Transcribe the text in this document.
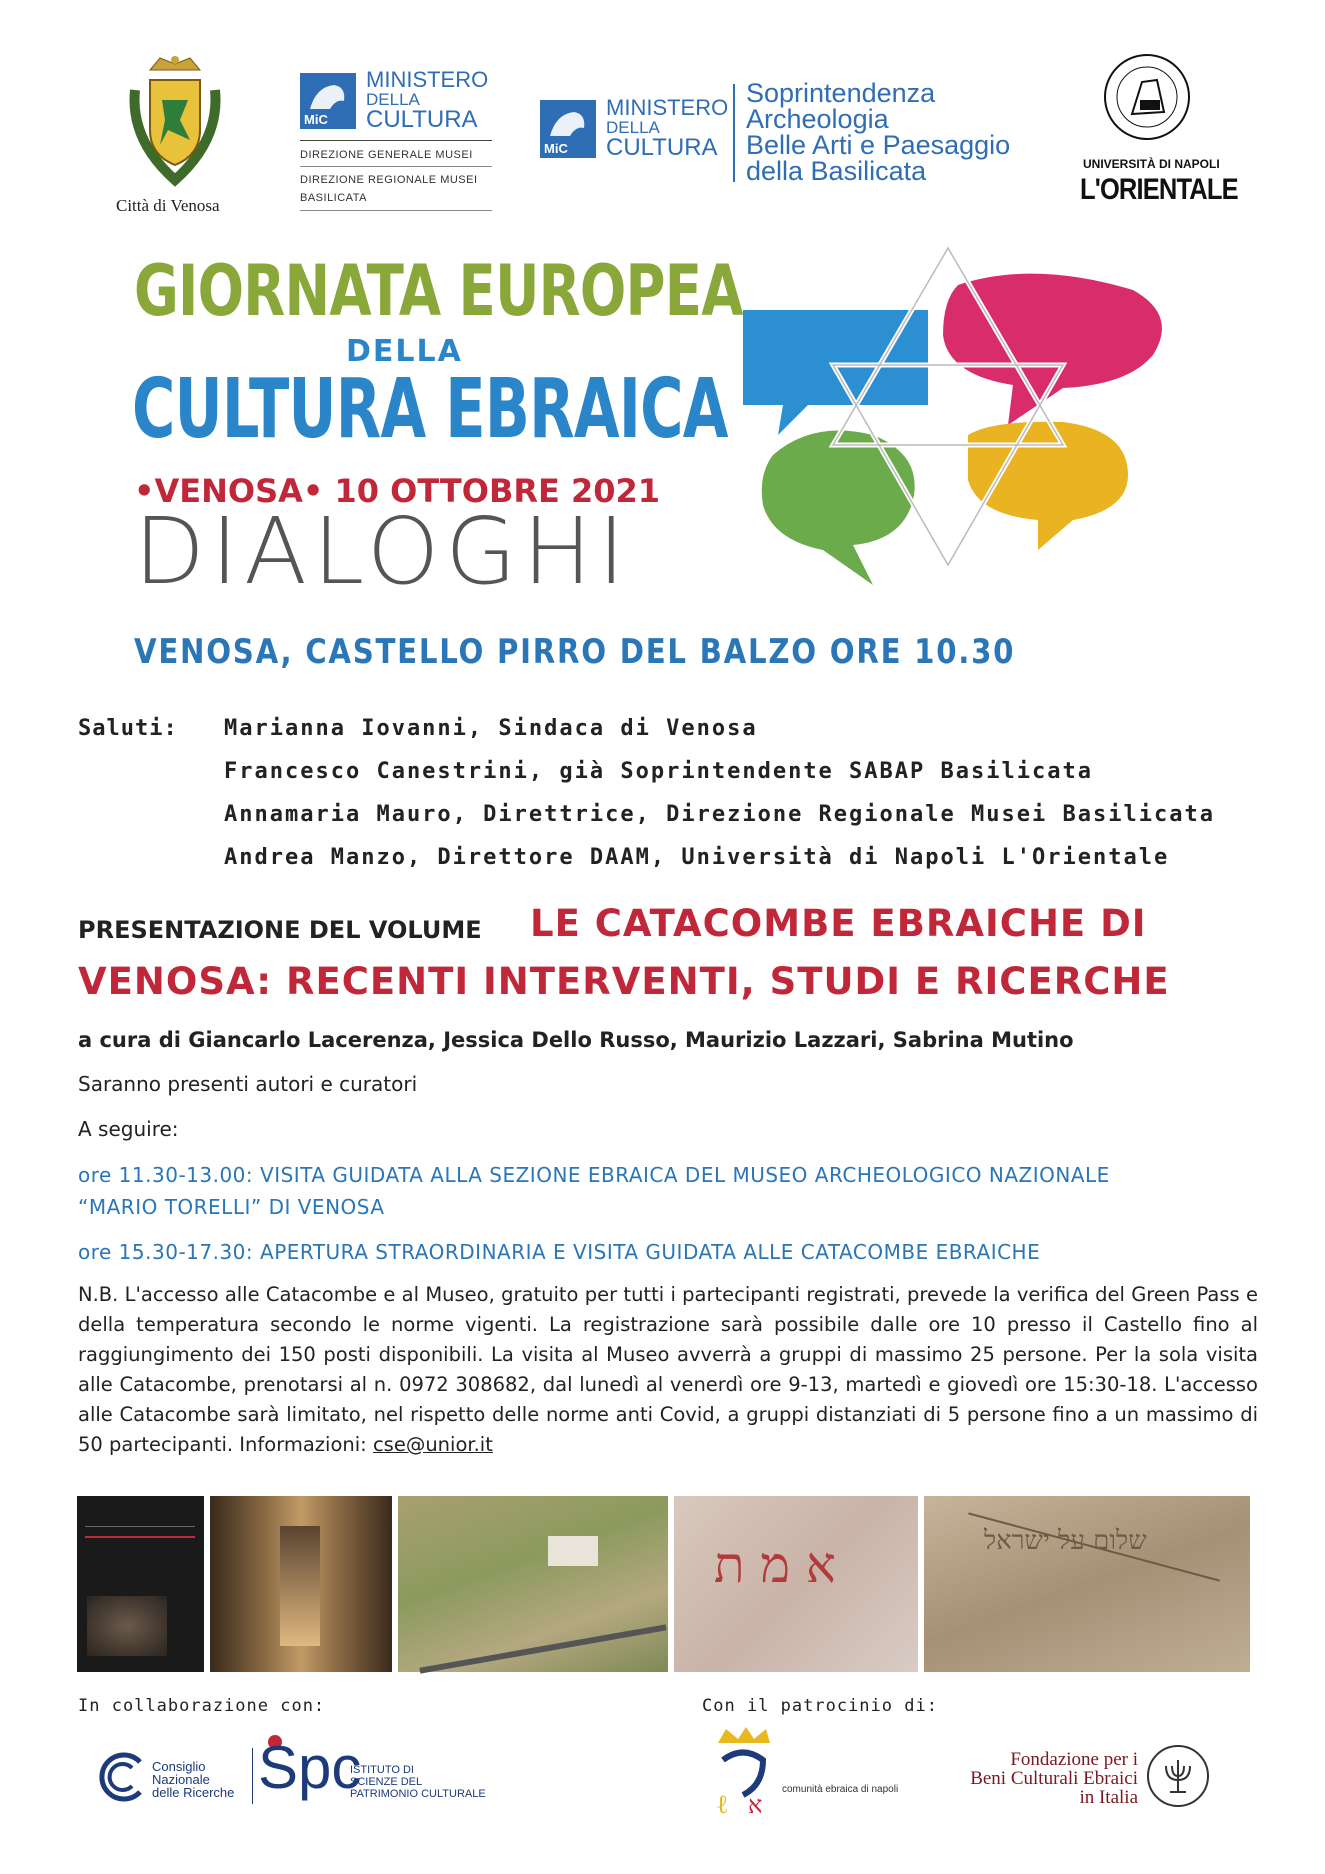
Città di Venosa
MiC
MINISTERO
DELLA
CULTURA
DIREZIONE GENERALE MUSEI
DIREZIONE REGIONALE MUSEI
BASILICATA
MiC
MINISTERO
DELLA
CULTURA
Soprintendenza
Archeologia
Belle Arti e Paesaggio
della Basilicata	UNIVERSITÀ DI NAPOLI
L'ORIENTALE
GIORNATA EUROPEA
DELLA
CULTURA EBRAICA
•VENOSA• 10 OTTOBRE 2021
DIALOGHI
VENOSA, CASTELLO PIRRO DEL BALZO ORE 10.30
Saluti: Marianna Iovanni, Sindaca di Venosa
Francesco Canestrini, già Soprintendente SABAP Basilicata
Annamaria Mauro, Direttrice, Direzione Regionale Musei Basilicata
Andrea Manzo, Direttore DAAM, Università di Napoli L'Orientale
PRESENTAZIONE DEL VOLUME LE CATACOMBE EBRAICHE DI
VENOSA: RECENTI INTERVENTI, STUDI E RICERCHE
a cura di Giancarlo Lacerenza, Jessica Dello Russo, Maurizio Lazzari, Sabrina Mutino
Saranno presenti autori e curatori
A seguire:
ore 11.30-13.00: VISITA GUIDATA ALLA SEZIONE EBRAICA DEL MUSEO ARCHEOLOGICO NAZIONALE
“MARIO TORELLI” DI VENOSA
ore 15.30-17.30: APERTURA STRAORDINARIA E VISITA GUIDATA ALLE CATACOMBE EBRAICHE
N.B. L'accesso alle Catacombe e al Museo, gratuito per tutti i partecipanti registrati, prevede la verifica del Green Pass e della temperatura secondo le norme vigenti. La registrazione sarà possibile dalle ore 10 presso il Castello fino al raggiungimento dei 150 posti disponibili. La visita al Museo avverrà a gruppi di massimo 25 persone. Per la sola visita alle Catacombe, prenotarsi al n. 0972 308682, dal lunedì al venerdì ore 9-13, martedì e giovedì ore 15:30-18. L'accesso alle Catacombe sarà limitato, nel rispetto delle norme anti Covid, a gruppi distanziati di 5 persone fino a un massimo di 50 partecipanti. Informazioni: cse@unior.it
א מ ת	שלום על ישראל
In collaborazione con:	Con il patrocinio di:
Consiglio
Nazionale
delle Ricerche Spc
ISTITUTO DI
SCIENZE DEL
PATRIMONIO CULTURALE	ℓ א
comunità ebraica di napoli
Fondazione per i
Beni Culturali Ebraici
in Italia
